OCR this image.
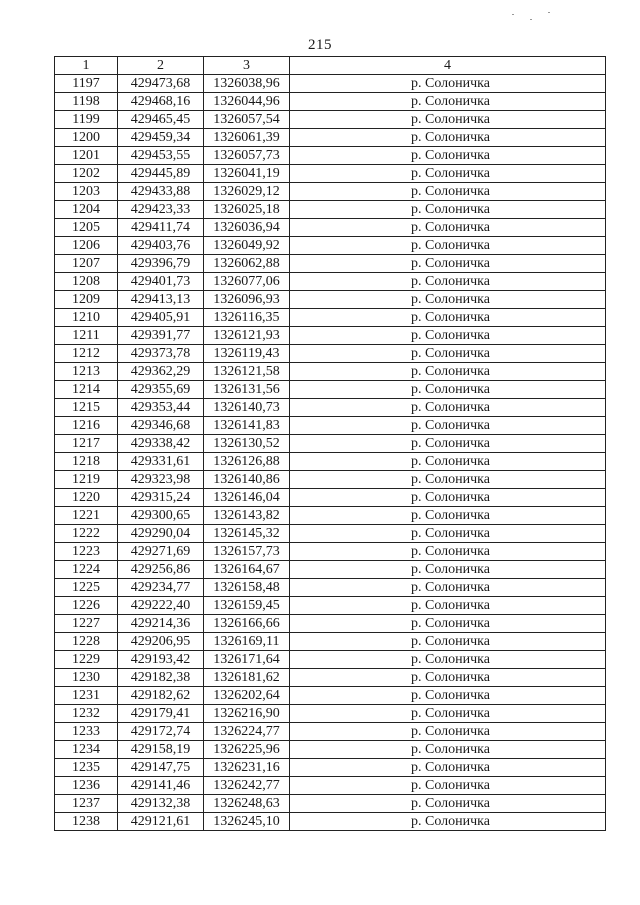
215
1	2	3	4
1197	429473,68	1326038,96	р. Солоничка
1198	429468,16	1326044,96	р. Солоничка
1199	429465,45	1326057,54	р. Солоничка
1200	429459,34	1326061,39	р. Солоничка
1201	429453,55	1326057,73	р. Солоничка
1202	429445,89	1326041,19	р. Солоничка
1203	429433,88	1326029,12	р. Солоничка
1204	429423,33	1326025,18	р. Солоничка
1205	429411,74	1326036,94	р. Солоничка
1206	429403,76	1326049,92	р. Солоничка
1207	429396,79	1326062,88	р. Солоничка
1208	429401,73	1326077,06	р. Солоничка
1209	429413,13	1326096,93	р. Солоничка
1210	429405,91	1326116,35	р. Солоничка
1211	429391,77	1326121,93	р. Солоничка
1212	429373,78	1326119,43	р. Солоничка
1213	429362,29	1326121,58	р. Солоничка
1214	429355,69	1326131,56	р. Солоничка
1215	429353,44	1326140,73	р. Солоничка
1216	429346,68	1326141,83	р. Солоничка
1217	429338,42	1326130,52	р. Солоничка
1218	429331,61	1326126,88	р. Солоничка
1219	429323,98	1326140,86	р. Солоничка
1220	429315,24	1326146,04	р. Солоничка
1221	429300,65	1326143,82	р. Солоничка
1222	429290,04	1326145,32	р. Солоничка
1223	429271,69	1326157,73	р. Солоничка
1224	429256,86	1326164,67	р. Солоничка
1225	429234,77	1326158,48	р. Солоничка
1226	429222,40	1326159,45	р. Солоничка
1227	429214,36	1326166,66	р. Солоничка
1228	429206,95	1326169,11	р. Солоничка
1229	429193,42	1326171,64	р. Солоничка
1230	429182,38	1326181,62	р. Солоничка
1231	429182,62	1326202,64	р. Солоничка
1232	429179,41	1326216,90	р. Солоничка
1233	429172,74	1326224,77	р. Солоничка
1234	429158,19	1326225,96	р. Солоничка
1235	429147,75	1326231,16	р. Солоничка
1236	429141,46	1326242,77	р. Солоничка
1237	429132,38	1326248,63	р. Солоничка
1238	429121,61	1326245,10	р. Солоничка
